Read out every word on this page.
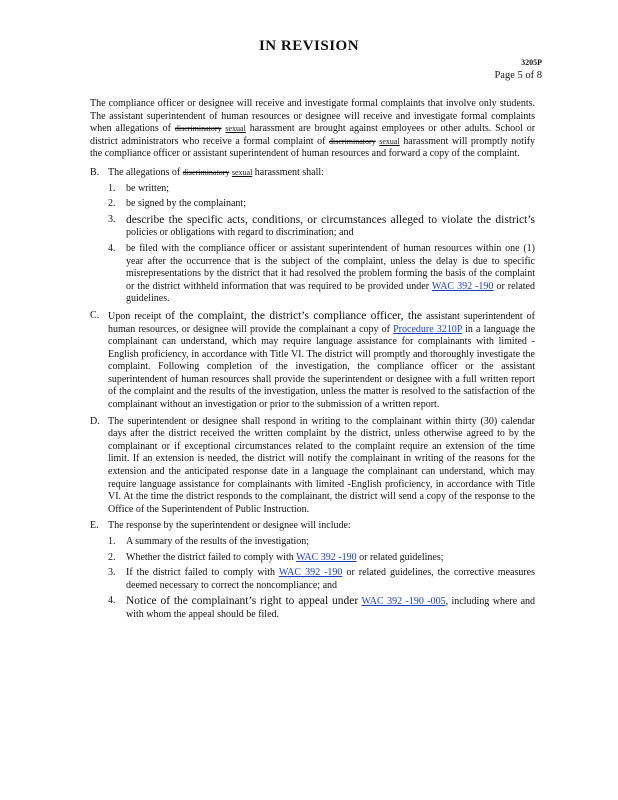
IN REVISION
3205P
Page 5 of 8

The compliance officer or designee will receive and investigate formal complaints that involve only students. The assistant superintendent of human resources or designee will receive and investigate formal complaints when allegations of discriminatory sexual harassment are brought against employees or other adults. School or district administrators who receive a formal complaint of discriminatory sexual harassment will promptly notify the compliance officer or assistant superintendent of human resources and forward a copy of the complaint.

B. The allegations of discriminatory sexual harassment shall:
1. be written;
2. be signed by the complainant;
3. describe the specific acts, conditions, or circumstances alleged to violate the district’s policies or obligations with regard to discrimination; and
4. be filed with the compliance officer or assistant superintendent of human resources within one (1) year after the occurrence that is the subject of the complaint, unless the delay is due to specific misrepresentations by the district that it had resolved the problem forming the basis of the complaint or the district withheld information that was required to be provided under WAC 392 -190 or related guidelines.
C. Upon receipt of the complaint, the district’s compliance officer, the assistant superintendent of human resources, or designee will provide the complainant a copy of Procedure 3210P in a language the complainant can understand, which may require language assistance for complainants with limited -English proficiency, in accordance with Title VI. The district will promptly and thoroughly investigate the complaint. Following completion of the investigation, the compliance officer or the assistant superintendent of human resources shall provide the superintendent or designee with a full written report of the complaint and the results of the investigation, unless the matter is resolved to the satisfaction of the complainant without an investigation or prior to the submission of a written report.
D. The superintendent or designee shall respond in writing to the complainant within thirty (30) calendar days after the district received the written complaint by the district, unless otherwise agreed to by the complainant or if exceptional circumstances related to the complaint require an extension of the time limit. If an extension is needed, the district will notify the complainant in writing of the reasons for the extension and the anticipated response date in a language the complainant can understand, which may require language assistance for complainants with limited -English proficiency, in accordance with Title VI. At the time the district responds to the complainant, the district will send a copy of the response to the Office of the Superintendent of Public Instruction.
E. The response by the superintendent or designee will include:
1. A summary of the results of the investigation;
2. Whether the district failed to comply with WAC 392 -190 or related guidelines;
3. If the district failed to comply with WAC 392 -190 or related guidelines, the corrective measures deemed necessary to correct the noncompliance; and
4. Notice of the complainant’s right to appeal under WAC 392 -190 -005, including where and with whom the appeal should be filed.
